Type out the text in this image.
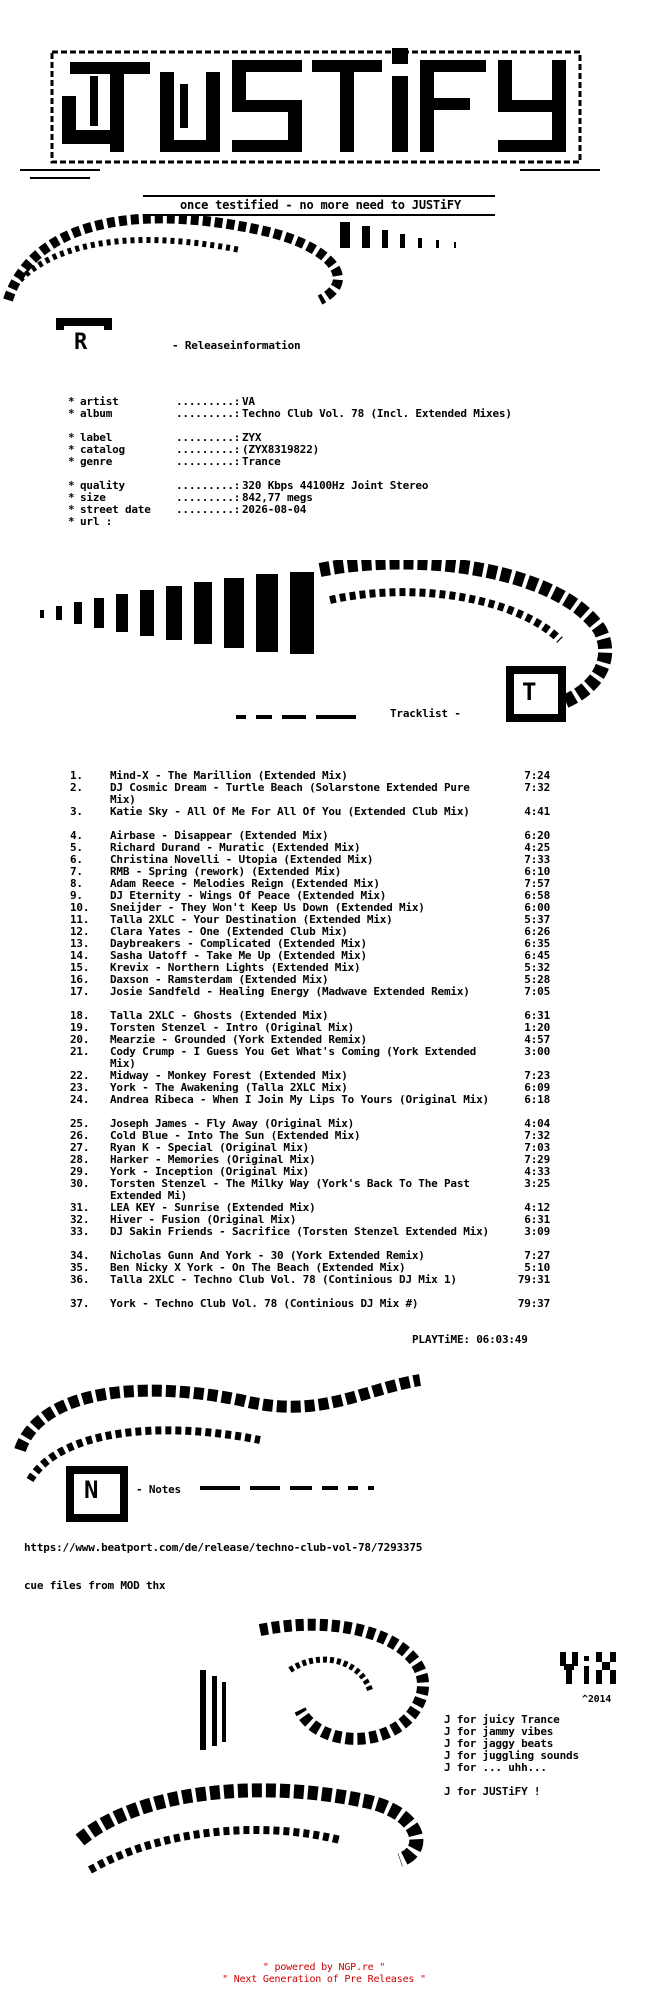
once testified - no more need to JUSTiFY
R	- Releaseinformation
* artist	.........: VA
* album	.........: Techno Club Vol. 78 (Incl. Extended Mixes)
* label	.........: ZYX
* catalog	.........: (ZYX8319822)
* genre	.........: Trance
* quality	.........: 320 Kbps 44100Hz Joint Stereo
* size	.........: 842,77 megs
* street date .........: 2026-08-04
* url :
Tracklist -
T
1.	Mind-X - The Marillion (Extended Mix)	7:24
2.	DJ Cosmic Dream - Turtle Beach (Solarstone Extended Pure Mix)
7:32
3.	Katie Sky - All Of Me For All Of You (Extended Club Mix)	4:41
4.	Airbase - Disappear (Extended Mix)	6:20
5.	Richard Durand - Muratic (Extended Mix)	4:25
6.	Christina Novelli - Utopia (Extended Mix)	7:33
7.	RMB - Spring (rework) (Extended Mix)	6:10
8.	Adam Reece - Melodies Reign (Extended Mix)	7:57
9.	DJ Eternity - Wings Of Peace (Extended Mix)	6:58
10.	Sneijder - They Won't Keep Us Down (Extended Mix)	6:00
11.	Talla 2XLC - Your Destination (Extended Mix)	5:37
12.	Clara Yates - One (Extended Club Mix)	6:26
13.	Daybreakers - Complicated (Extended Mix)	6:35
14.	Sasha Uatoff - Take Me Up (Extended Mix)	6:45
15.	Krevix - Northern Lights (Extended Mix)	5:32
16.	Daxson - Ramsterdam (Extended Mix)	5:28
17.	Josie Sandfeld - Healing Energy (Madwave Extended Remix)	7:05
18.	Talla 2XLC - Ghosts (Extended Mix)	6:31
19.	Torsten Stenzel - Intro (Original Mix)	1:20
20.	Mearzie - Grounded (York Extended Remix)	4:57
21.	Cody Crump - I Guess You Get What's Coming (York Extended Mix)
3:00
22.	Midway - Monkey Forest (Extended Mix)	7:23
23.	York - The Awakening (Talla 2XLC Mix)	6:09
24.	Andrea Ribeca - When I Join My Lips To Yours (Original Mix)	6:18
25.	Joseph James - Fly Away (Original Mix)	4:04
26.	Cold Blue - Into The Sun (Extended Mix)	7:32
27.	Ryan K - Special (Original Mix)	7:03
28.	Harker - Memories (Original Mix)	7:29
29.	York - Inception (Original Mix)	4:33
30.	Torsten Stenzel - The Milky Way (York's Back To The Past Extended Mi)
3:25
31.	LEA KEY - Sunrise (Extended Mix)	4:12
32.	Hiver - Fusion (Original Mix)	6:31
33.	DJ Sakin Friends - Sacrifice (Torsten Stenzel Extended Mix)	3:09
34.	Nicholas Gunn And York - 30 (York Extended Remix)	7:27
35.	Ben Nicky X York - On The Beach (Extended Mix)	5:10
36.	Talla 2XLC - Techno Club Vol. 78 (Continious DJ Mix 1)	79:31
37.	York - Techno Club Vol. 78 (Continious DJ Mix #)	79:37
PLAYTiME: 06:03:49
N	- Notes
https://www.beatport.com/de/release/techno-club-vol-78/7293375
cue files from MOD thx
^2014
J for juicy Trance
J for jammy vibes
J for jaggy beats
J for juggling sounds
J for ... uhh...
J for JUSTiFY !
" powered by NGP.re "
" Next Generation of Pre Releases "
